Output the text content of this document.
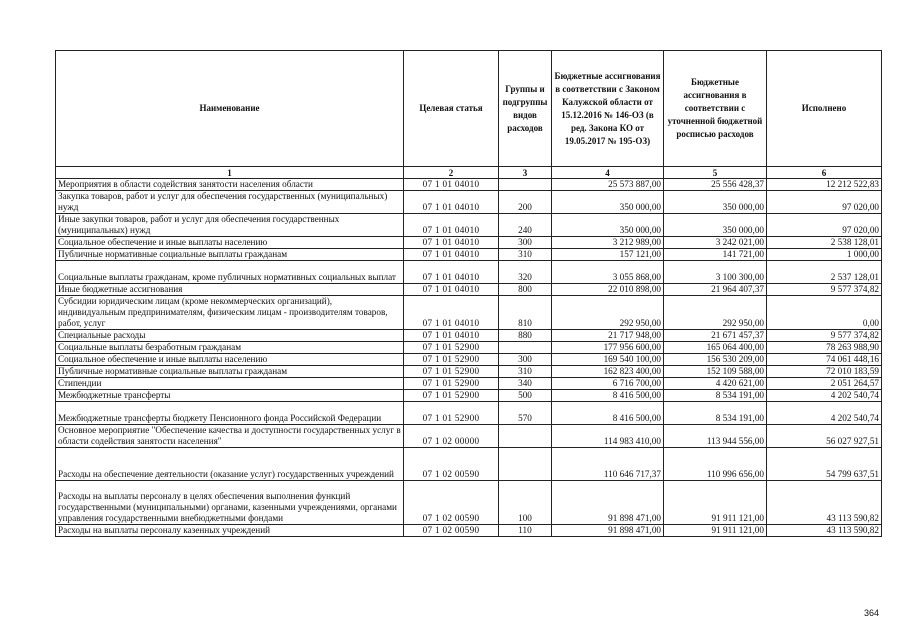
Наименование	Целевая статья	Группы и подгруппы видов расходов	Бюджетные ассигнования в соответствии с Законом Калужской области от 15.12.2016 № 146-ОЗ (в ред. Закона КО от 19.05.2017 № 195-ОЗ)	Бюджетные ассигнования в соответствии с уточненной бюджетной росписью расходов	Исполнено
1	2	3	4	5	6
Мероприятия в области содействия занятости населения области	07 1 01 04010		25 573 887,00	25 556 428,37	12 212 522,83
Закупка товаров, работ и услуг для обеспечения государственных (муниципальных) нужд	07 1 01 04010	200	350 000,00	350 000,00	97 020,00
Иные закупки товаров, работ и услуг для обеспечения государственных (муниципальных) нужд	07 1 01 04010	240	350 000,00	350 000,00	97 020,00
Социальное обеспечение и иные выплаты населению	07 1 01 04010	300	3 212 989,00	3 242 021,00	2 538 128,01
Публичные нормативные социальные выплаты гражданам	07 1 01 04010	310	157 121,00	141 721,00	1 000,00
Социальные выплаты гражданам, кроме публичных нормативных социальных выплат	07 1 01 04010	320	3 055 868,00	3 100 300,00	2 537 128,01
Иные бюджетные ассигнования	07 1 01 04010	800	22 010 898,00	21 964 407,37	9 577 374,82
Субсидии юридическим лицам (кроме некоммерческих организаций), индивидуальным предпринимателям, физическим лицам - производителям товаров, работ, услуг	07 1 01 04010	810	292 950,00	292 950,00	0,00
Специальные расходы	07 1 01 04010	880	21 717 948,00	21 671 457,37	9 577 374,82
Социальные выплаты безработным гражданам	07 1 01 52900		177 956 600,00	165 064 400,00	78 263 988,90
Социальное обеспечение и иные выплаты населению	07 1 01 52900	300	169 540 100,00	156 530 209,00	74 061 448,16
Публичные нормативные социальные выплаты гражданам	07 1 01 52900	310	162 823 400,00	152 109 588,00	72 010 183,59
Стипендии	07 1 01 52900	340	6 716 700,00	4 420 621,00	2 051 264,57
Межбюджетные трансферты	07 1 01 52900	500	8 416 500,00	8 534 191,00	4 202 540,74
Межбюджетные трансферты бюджету Пенсионного фонда Российской Федерации	07 1 01 52900	570	8 416 500,00	8 534 191,00	4 202 540,74
Основное мероприятие "Обеспечение качества и доступности государственных услуг в области содействия занятости населения"	07 1 02 00000		114 983 410,00	113 944 556,00	56 027 927,51
Расходы на обеспечение деятельности (оказание услуг) государственных учреждений	07 1 02 00590		110 646 717,37	110 996 656,00	54 799 637,51
Расходы на выплаты персоналу в целях обеспечения выполнения функций государственными (муниципальными) органами, казенными учреждениями, органами управления государственными внебюджетными фондами	07 1 02 00590	100	91 898 471,00	91 911 121,00	43 113 590,82
Расходы на выплаты персоналу казенных учреждений	07 1 02 00590	110	91 898 471,00	91 911 121,00	43 113 590,82
364
